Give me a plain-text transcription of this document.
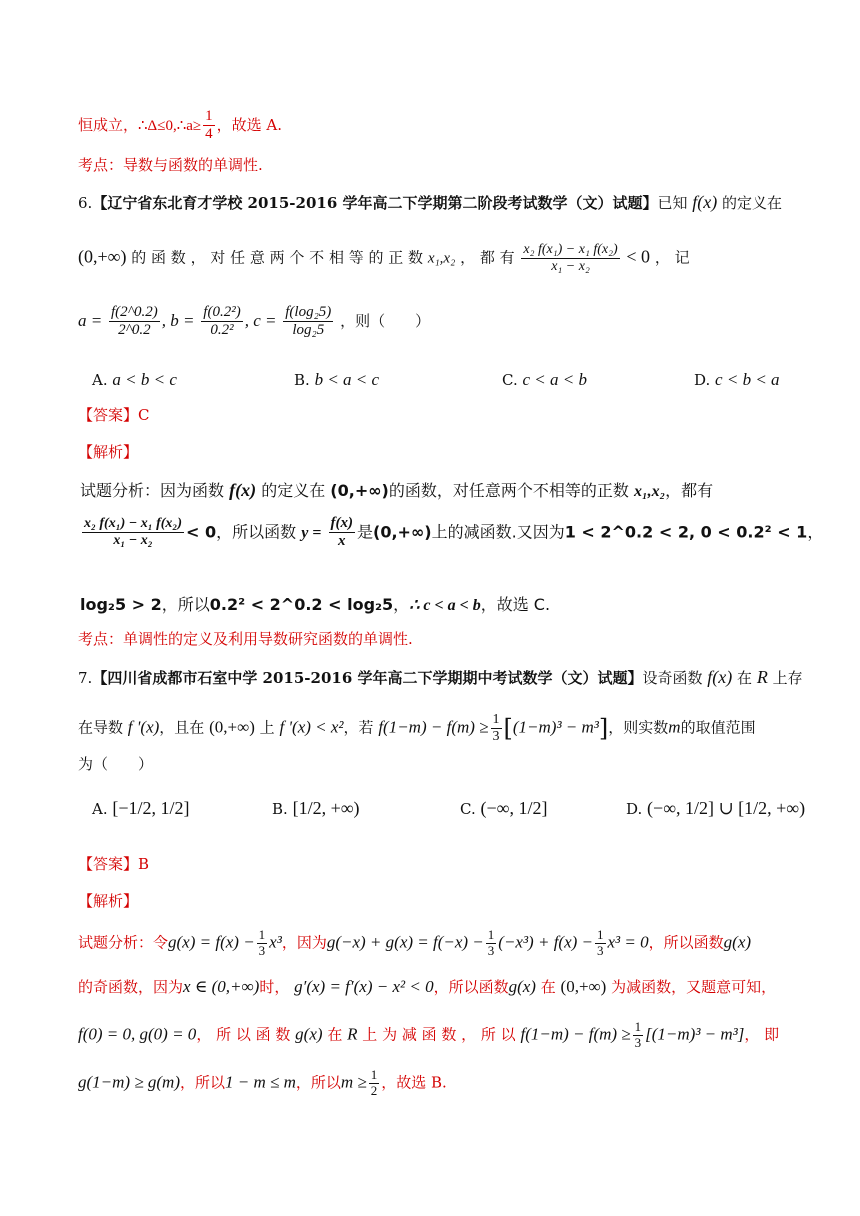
恒成立，∴Δ≤0,∴a≥ $\frac{1}{4}$ ，故选 A.
考点：导数与函数的单调性.
6.【辽宁省东北育才学校 2015-2016 学年高二下学期第二阶段考试数学（文）试题】已知 f(x) 的定义在
(0,+∞) 的 函 数 ， 对 任 意 两 个 不 相 等 的 正 数 x₁,x₂ ， 都 有 $\frac{\text{x₂ f(x₁) − x₁ f(x₂)}}{\text{x₁ − x₂}} < 0$ ， 记
$a = \frac{f(2\^{}0.2)}{2\^{}0.2}$ , $b = \frac{\text{f(0.2²)}}{\text{0.2²}}$ , $c = \frac{\text{f(log₂5)}}{\text{log₂5}}$ ，则（　　）
A. a < b < c	B. b < a < c	C. c < a < b	D. c < b < a
【答案】C
【解析】
试题分析：因为函数 f(x) 的定义在 (0,+∞)的函数，对任意两个不相等的正数 x₁,x₂，都有
$\frac{\text{x₂ f(x₁) − x₁ f(x₂)}}{\text{x₁ − x₂}} < 0$，所以函数 $y = \frac{f(x)}{x}$ 是(0,+∞)上的减函数.又因为1 < 2^0.2 < 2, 0 < 0.2² < 1，
log₂5 > 2，所以0.2² < 2^0.2 < log₂5，∴ c < a < b，故选 C.
考点：单调性的定义及利用导数研究函数的单调性.
7.【四川省成都市石室中学 2015-2016 学年高二下学期期中考试数学（文）试题】设奇函数 f(x) 在 R 上存
在导数 f '(x)，且在 (0,+∞) 上 f '(x) < x²，若 $f(1-m) - f(m) \ge \frac{1}{3} [(1-m)^3 - m^3]$，则实数m的取值范围
为（　　）
A. [−1/2, 1/2]	B. [1/2, +∞)	C. (−∞, 1/2]	D. (−∞, 1/2] ∪ [1/2, +∞)
【答案】B
【解析】
试题分析：令$g(x) = f(x) - \frac{1}{3} x^3$，因为$g(-x) + g(x) = f(-x) - \frac{1}{3} (-x^3) + f(x) - \frac{1}{3} x^3 = 0$，所以函数g(x)
的奇函数，因为x ∈ (0,+∞)时， g′(x) = f′(x) − x² < 0，所以函数g(x) 在 (0,+∞) 为减函数，又题意可知，
f(0) = 0, g(0) = 0， 所 以 函 数 g(x) 在 R 上 为 减 函 数 ， 所 以 $f(1-m) - f(m) \ge \frac{1}{3} [(1-m)^3 - m^3]$， 即
g(1−m) ≥ g(m)，所以1 − m ≤ m，所以$m \ge \frac{1}{2}$ ，故选 B.
